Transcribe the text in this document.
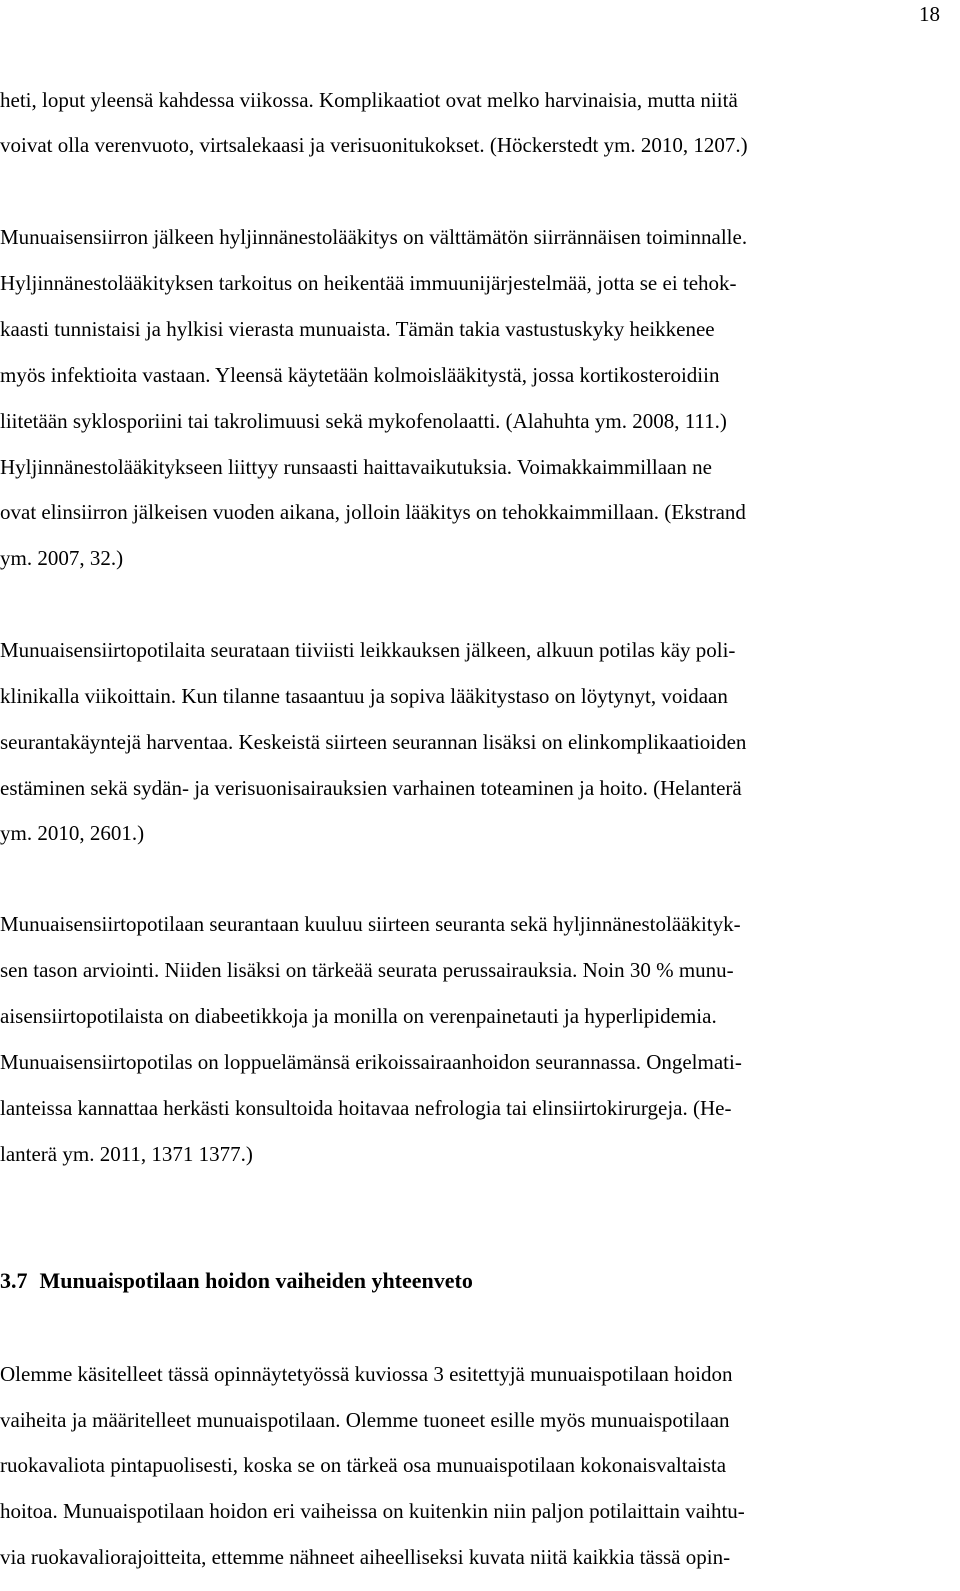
18
heti, loput yleensä kahdessa viikossa. Komplikaatiot ovat melko harvinaisia, mutta niitä
voivat olla verenvuoto, virtsalekaasi ja verisuonitukokset. (Höckerstedt ym. 2010, 1207.)
Munuaisensiirron jälkeen hyljinnänestolääkitys on välttämätön siirrännäisen toiminnalle.
Hyljinnänestolääkityksen tarkoitus on heikentää immuunijärjestelmää, jotta se ei tehok-
kaasti tunnistaisi ja hylkisi vierasta munuaista. Tämän takia vastustuskyky heikkenee
myös infektioita vastaan. Yleensä käytetään kolmoislääkitystä, jossa kortikosteroidiin
liitetään syklosporiini tai takrolimuusi sekä mykofenolaatti. (Alahuhta ym. 2008, 111.)
Hyljinnänestolääkitykseen liittyy runsaasti haittavaikutuksia. Voimakkaimmillaan ne
ovat elinsiirron jälkeisen vuoden aikana, jolloin lääkitys on tehokkaimmillaan. (Ekstrand
ym. 2007, 32.)
Munuaisensiirtopotilaita seurataan tiiviisti leikkauksen jälkeen, alkuun potilas käy poli-
klinikalla viikoittain. Kun tilanne tasaantuu ja sopiva lääkitystaso on löytynyt, voidaan
seurantakäyntejä harventaa. Keskeistä siirteen seurannan lisäksi on elinkomplikaatioiden
estäminen sekä sydän- ja verisuonisairauksien varhainen toteaminen ja hoito. (Helanterä
ym. 2010, 2601.)
Munuaisensiirtopotilaan seurantaan kuuluu siirteen seuranta sekä hyljinnänestolääkityk-
sen tason arviointi. Niiden lisäksi on tärkeää seurata perussairauksia. Noin 30 % munu-
aisensiirtopotilaista on diabeetikkoja ja monilla on verenpainetauti ja hyperlipidemia.
Munuaisensiirtopotilas on loppuelämänsä erikoissairaanhoidon seurannassa. Ongelmati-
lanteissa kannattaa herkästi konsultoida hoitavaa nefrologia tai elinsiirtokirurgeja. (He-
lanterä ym. 2011, 1371 1377.)
3.7 Munuaispotilaan hoidon vaiheiden yhteenveto
Olemme käsitelleet tässä opinnäytetyössä kuviossa 3 esitettyjä munuaispotilaan hoidon
vaiheita ja määritelleet munuaispotilaan. Olemme tuoneet esille myös munuaispotilaan
ruokavaliota pintapuolisesti, koska se on tärkeä osa munuaispotilaan kokonaisvaltaista
hoitoa. Munuaispotilaan hoidon eri vaiheissa on kuitenkin niin paljon potilaittain vaihtu-
via ruokavaliorajoitteita, ettemme nähneet aiheelliseksi kuvata niitä kaikkia tässä opin-
